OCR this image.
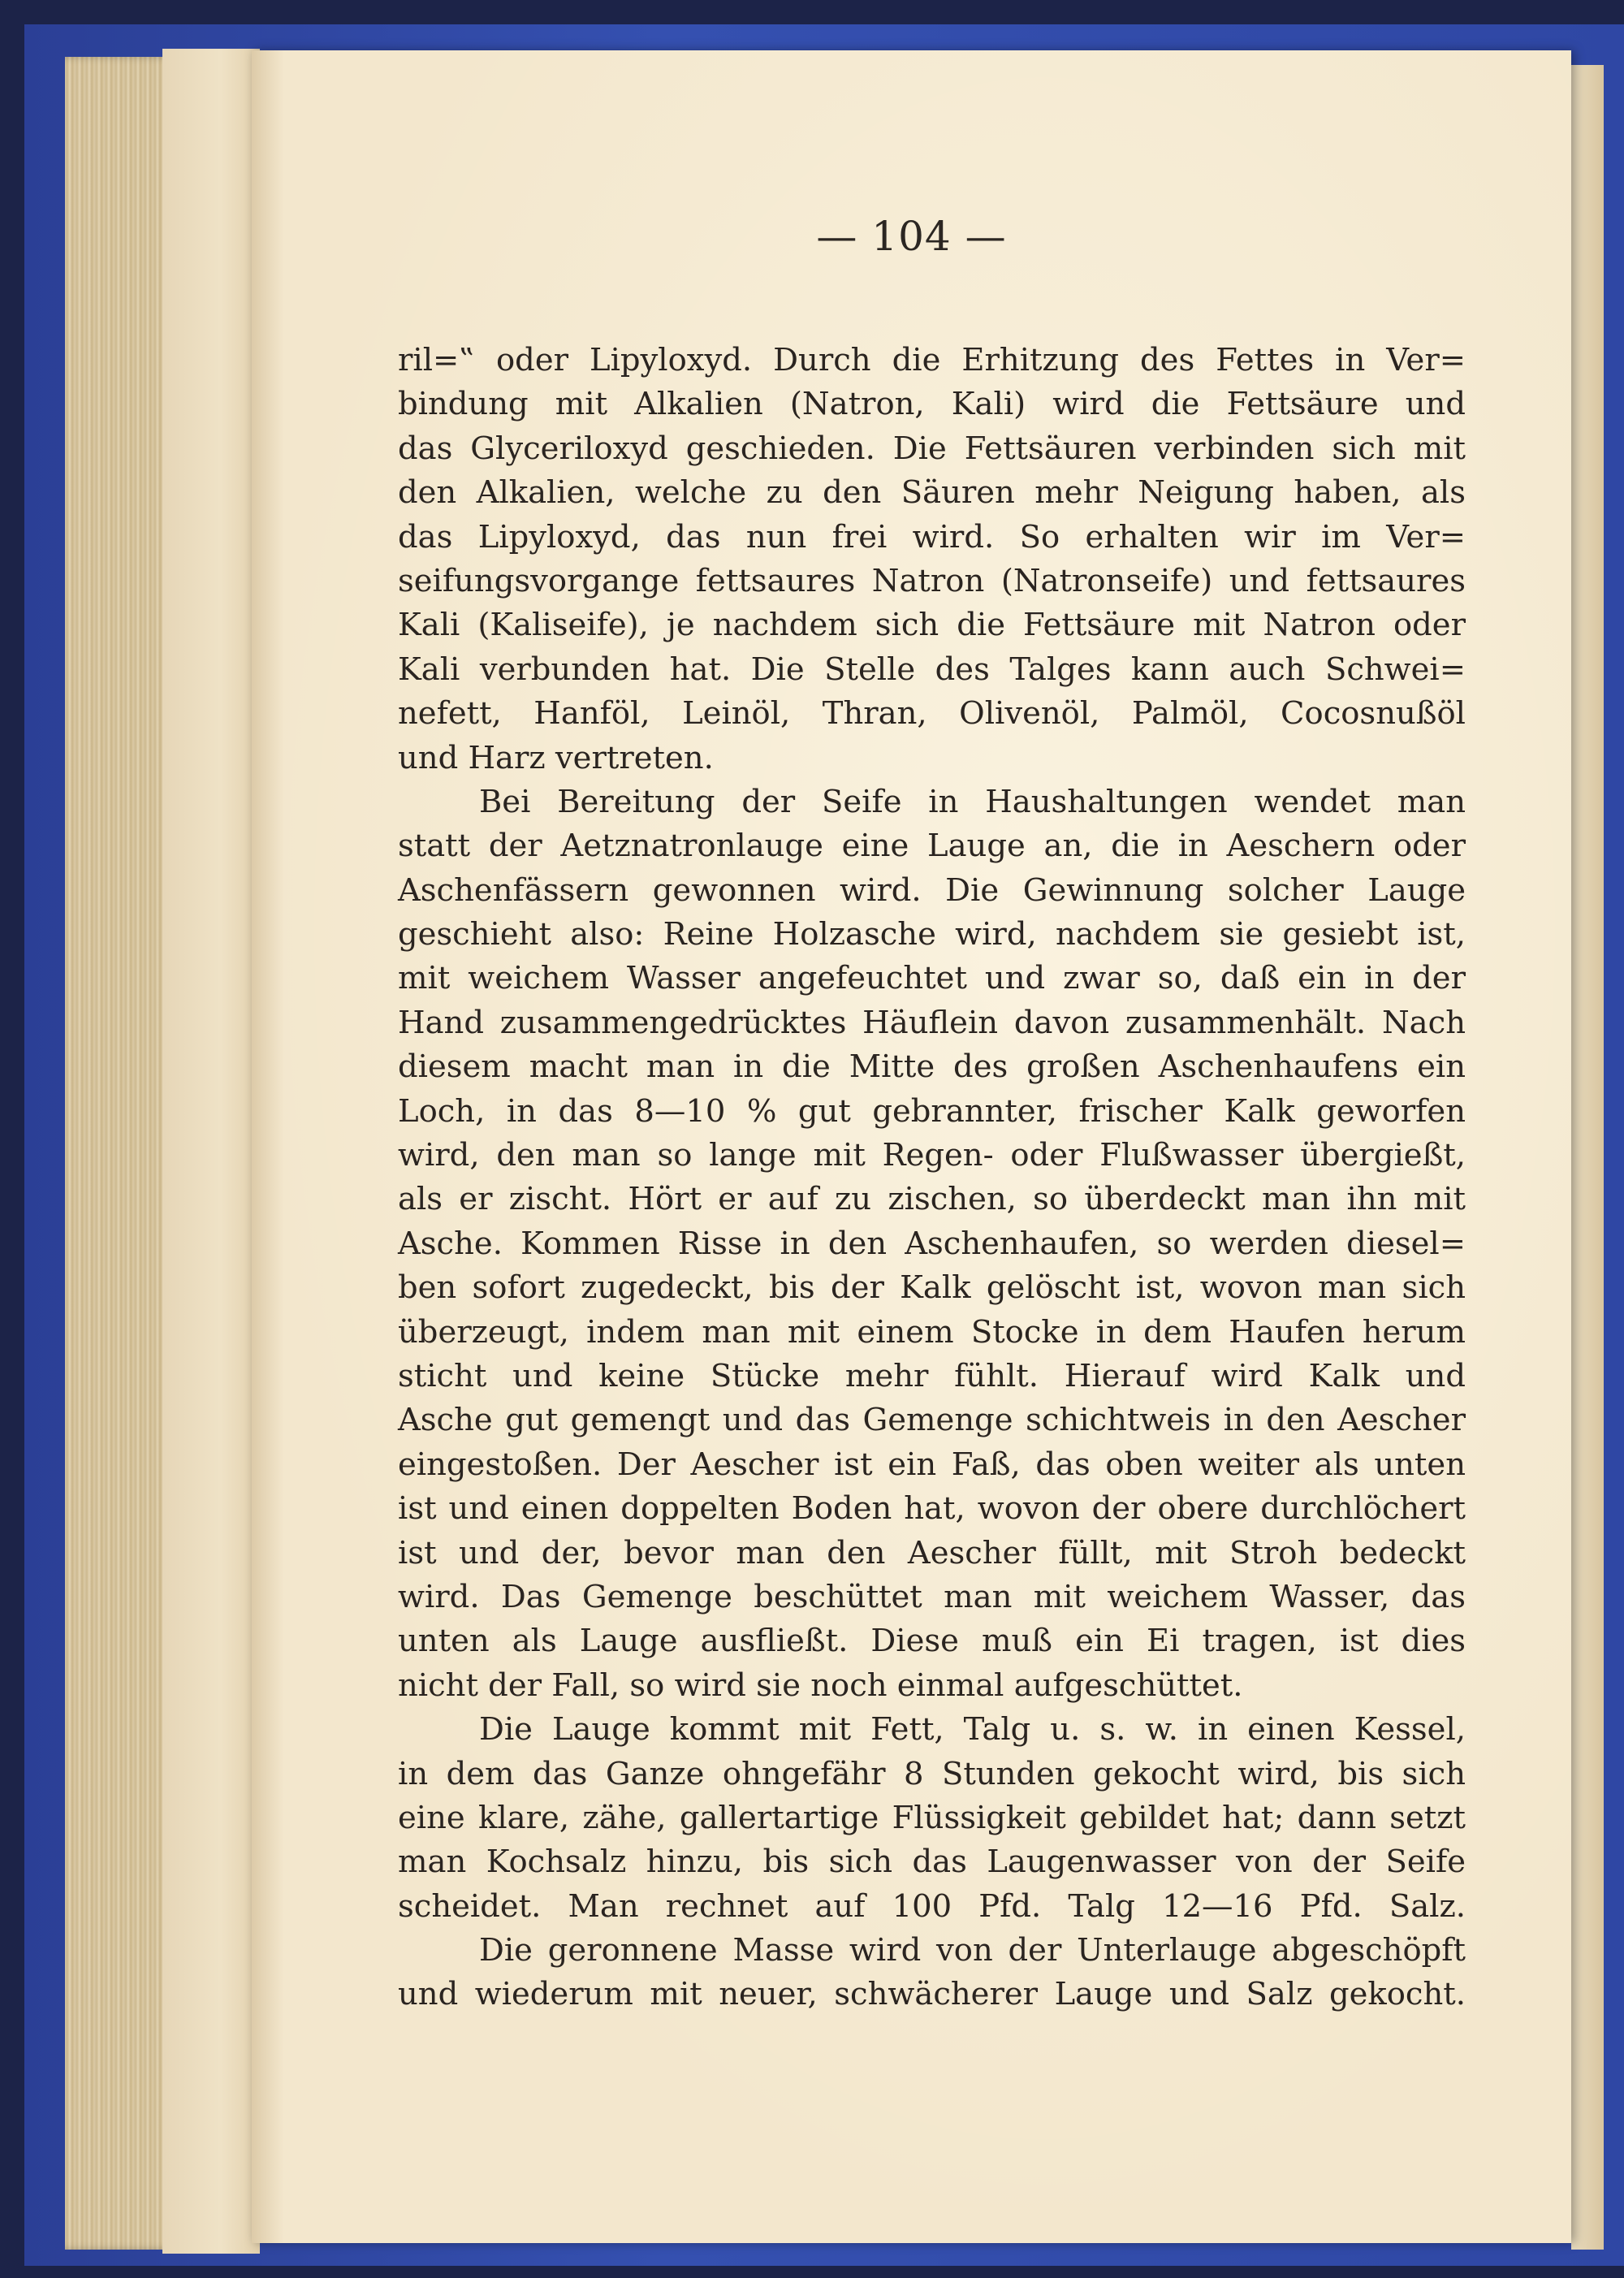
— 104 —
ril=‟ oder Lipyloxyd. Durch die Erhitzung des Fettes in Ver=
bindung mit Alkalien (Natron, Kali) wird die Fettsäure und
das Glyceriloxyd geschieden. Die Fettsäuren verbinden sich mit
den Alkalien, welche zu den Säuren mehr Neigung haben, als
das Lipyloxyd, das nun frei wird. So erhalten wir im Ver=
seifungsvorgange fettsaures Natron (Natronseife) und fettsaures
Kali (Kaliseife), je nachdem sich die Fettsäure mit Natron oder
Kali verbunden hat. Die Stelle des Talges kann auch Schwei=
nefett, Hanföl, Leinöl, Thran, Olivenöl, Palmöl, Cocosnußöl
und Harz vertreten.
Bei Bereitung der Seife in Haushaltungen wendet man
statt der Aetznatronlauge eine Lauge an, die in Aeschern oder
Aschenfässern gewonnen wird. Die Gewinnung solcher Lauge
geschieht also: Reine Holzasche wird, nachdem sie gesiebt ist,
mit weichem Wasser angefeuchtet und zwar so, daß ein in der
Hand zusammengedrücktes Häuflein davon zusammenhält. Nach
diesem macht man in die Mitte des großen Aschenhaufens ein
Loch, in das 8—10 % gut gebrannter, frischer Kalk geworfen
wird, den man so lange mit Regen- oder Flußwasser übergießt,
als er zischt. Hört er auf zu zischen, so überdeckt man ihn mit
Asche. Kommen Risse in den Aschenhaufen, so werden diesel=
ben sofort zugedeckt, bis der Kalk gelöscht ist, wovon man sich
überzeugt, indem man mit einem Stocke in dem Haufen herum
sticht und keine Stücke mehr fühlt. Hierauf wird Kalk und
Asche gut gemengt und das Gemenge schichtweis in den Aescher
eingestoßen. Der Aescher ist ein Faß, das oben weiter als unten
ist und einen doppelten Boden hat, wovon der obere durchlöchert
ist und der, bevor man den Aescher füllt, mit Stroh bedeckt
wird. Das Gemenge beschüttet man mit weichem Wasser, das
unten als Lauge ausfließt. Diese muß ein Ei tragen, ist dies
nicht der Fall, so wird sie noch einmal aufgeschüttet.
Die Lauge kommt mit Fett, Talg u. s. w. in einen Kessel,
in dem das Ganze ohngefähr 8 Stunden gekocht wird, bis sich
eine klare, zähe, gallertartige Flüssigkeit gebildet hat; dann setzt
man Kochsalz hinzu, bis sich das Laugenwasser von der Seife
scheidet. Man rechnet auf 100 Pfd. Talg 12—16 Pfd. Salz.
Die geronnene Masse wird von der Unterlauge abgeschöpft
und wiederum mit neuer, schwächerer Lauge und Salz gekocht.
